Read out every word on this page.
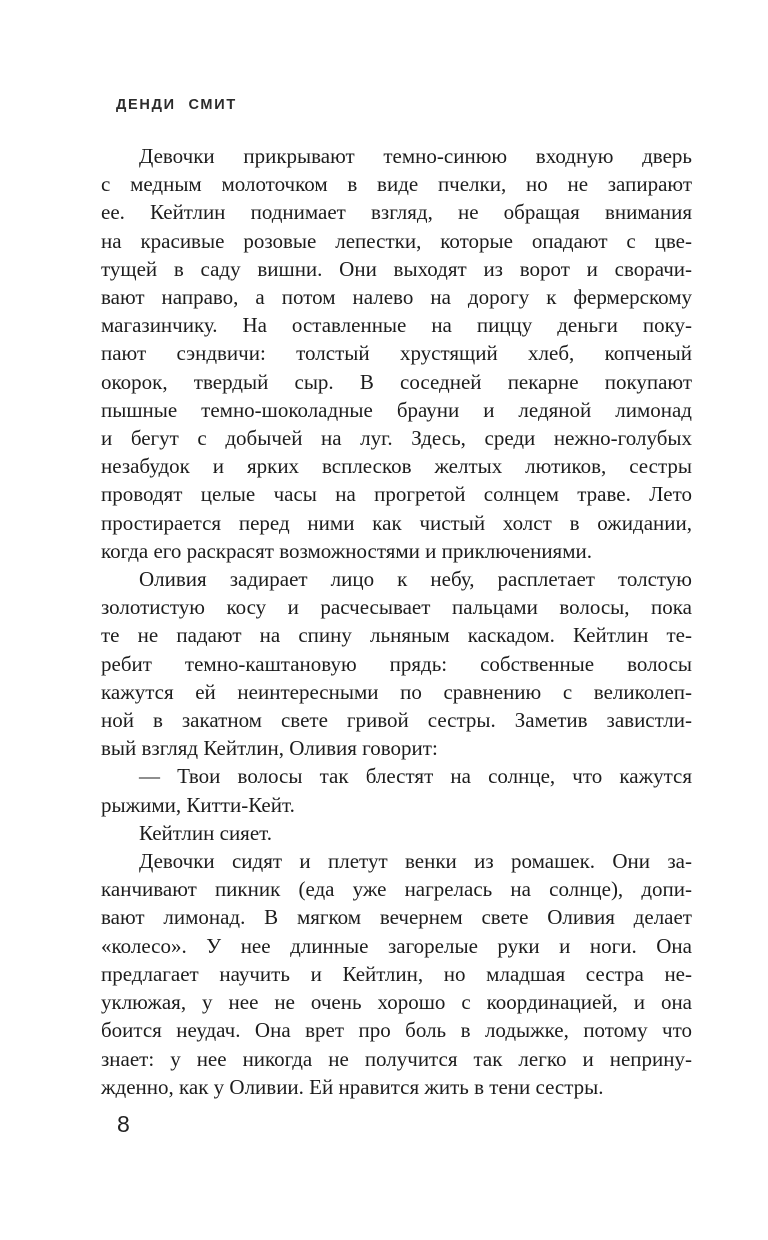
ДЕНДИ СМИТ
Девочки прикрывают темно-синюю входную дверь
с медным молоточком в виде пчелки, но не запирают
ее. Кейтлин поднимает взгляд, не обращая внимания
на красивые розовые лепестки, которые опадают с цве-
тущей в саду вишни. Они выходят из ворот и сворачи-
вают направо, а потом налево на дорогу к фермерскому
магазинчику. На оставленные на пиццу деньги поку-
пают сэндвичи: толстый хрустящий хлеб, копченый
окорок, твердый сыр. В соседней пекарне покупают
пышные темно-шоколадные брауни и ледяной лимонад
и бегут с добычей на луг. Здесь, среди нежно-голубых
незабудок и ярких всплесков желтых лютиков, сестры
проводят целые часы на прогретой солнцем траве. Лето
простирается перед ними как чистый холст в ожидании,
когда его раскрасят возможностями и приключениями.
Оливия задирает лицо к небу, расплетает толстую
золотистую косу и расчесывает пальцами волосы, пока
те не падают на спину льняным каскадом. Кейтлин те-
ребит темно-каштановую прядь: собственные волосы
кажутся ей неинтересными по сравнению с великолеп-
ной в закатном свете гривой сестры. Заметив завистли-
вый взгляд Кейтлин, Оливия говорит:
— Твои волосы так блестят на солнце, что кажутся
рыжими, Китти-Кейт.
Кейтлин сияет.
Девочки сидят и плетут венки из ромашек. Они за-
канчивают пикник (еда уже нагрелась на солнце), допи-
вают лимонад. В мягком вечернем свете Оливия делает
«колесо». У нее длинные загорелые руки и ноги. Она
предлагает научить и Кейтлин, но младшая сестра не-
уклюжая, у нее не очень хорошо с координацией, и она
боится неудач. Она врет про боль в лодыжке, потому что
знает: у нее никогда не получится так легко и неприну-
жденно, как у Оливии. Ей нравится жить в тени сестры.
8
